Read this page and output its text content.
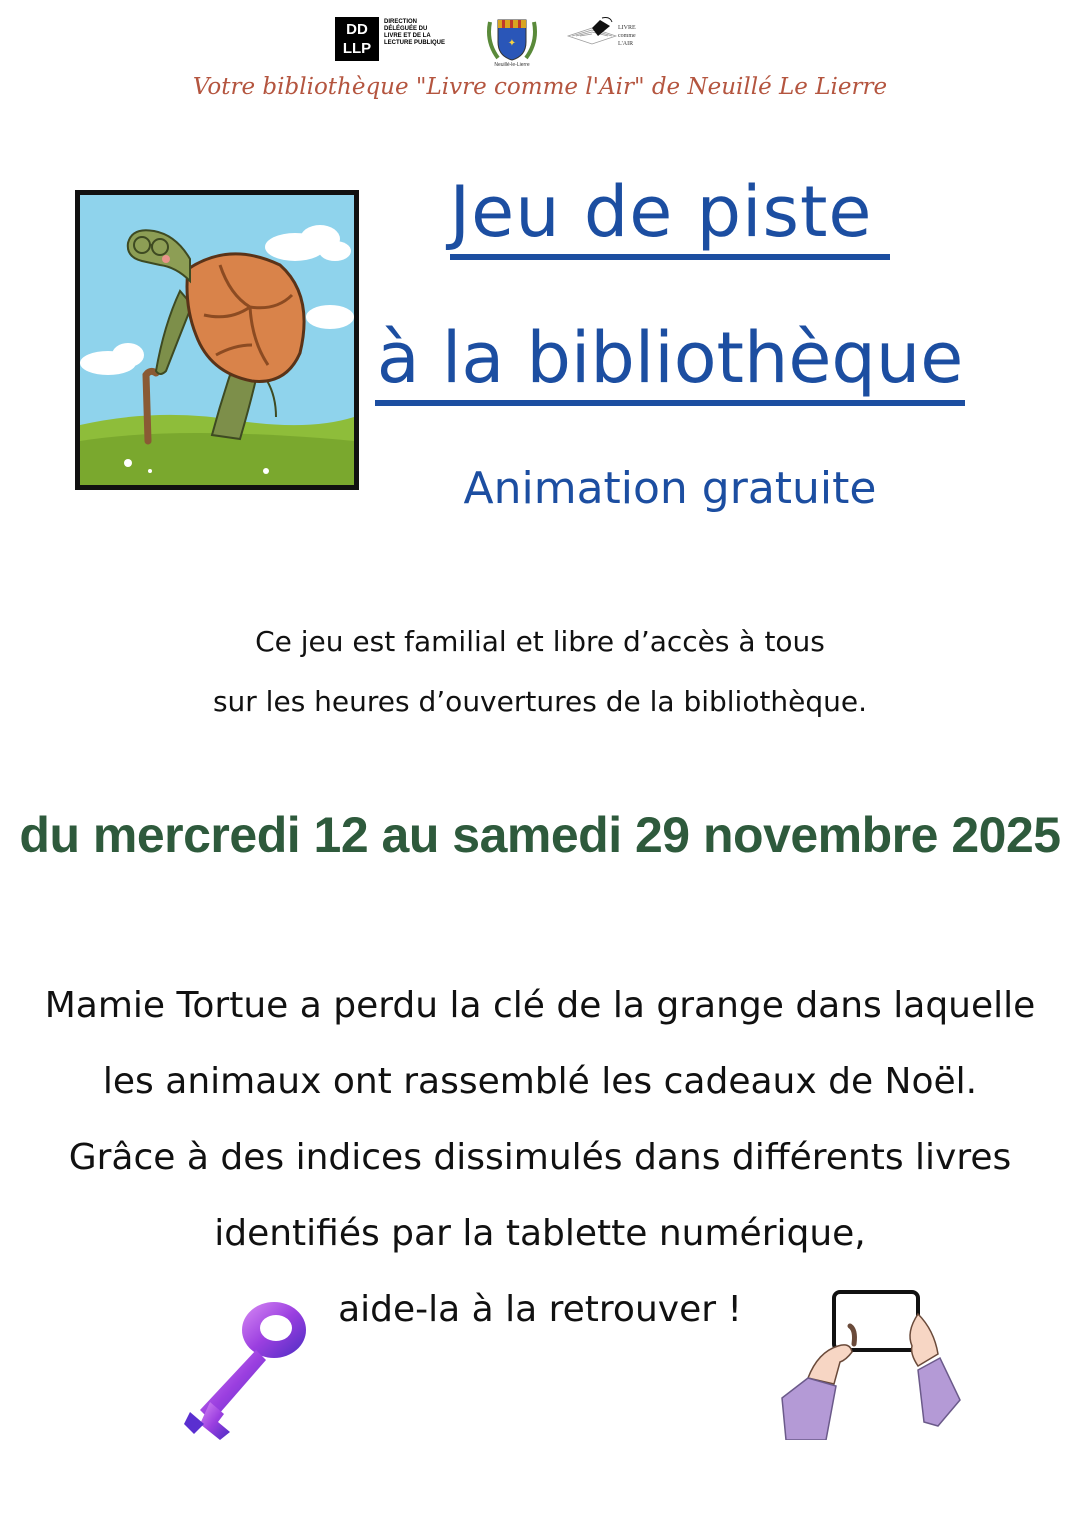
DD LLP
DIRECTION DÉLÉGUÉE DU LIVRE ET DE LA LECTURE PUBLIQUE	✦
Neuillé-le-Lierre
LIVRE comme L'AIR
Votre bibliothèque "Livre comme l'Air" de Neuillé Le Lierre
Jeu de piste
à la bibliothèque
Animation gratuite
Ce jeu est familial et libre d’accès à tous
sur les heures d’ouvertures de la bibliothèque.
du mercredi 12 au samedi 29 novembre 2025
Mamie Tortue a perdu la clé de la grange dans laquelle
les animaux ont rassemblé les cadeaux de Noël.
Grâce à des indices dissimulés dans différents livres
identifiés par la tablette numérique,
aide-la à la retrouver !
